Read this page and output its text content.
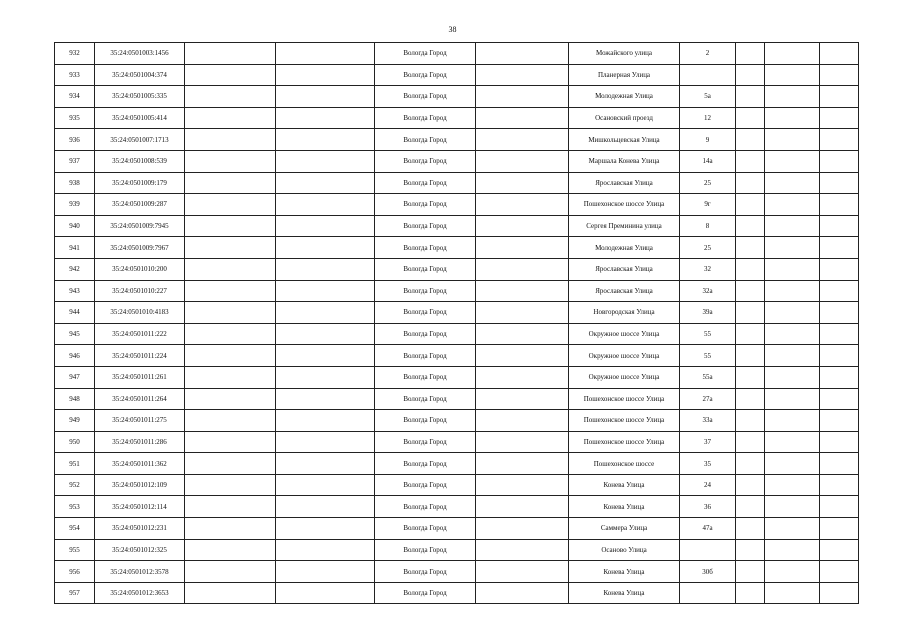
38
932	35:24:0501003:1456			Вологда Город		Можайского улица	2			
933	35:24:0501004:374			Вологда Город		Планерная Улица				
934	35:24:0501005:335			Вологда Город		Молодежная Улица	5а			
935	35:24:0501005:414			Вологда Город		Осановский проезд	12			
936	35:24:0501007:1713			Вологда Город		Мишкольцевская Улица	9			
937	35:24:0501008:539			Вологда Город		Маршала Конева Улица	14а			
938	35:24:0501009:179			Вологда Город		Ярославская Улица	25			
939	35:24:0501009:287			Вологда Город		Пошехонское шоссе Улица	9г			
940	35:24:0501009:7945			Вологда Город		Сергея Преминина улица	8			
941	35:24:0501009:7967			Вологда Город		Молодежная Улица	25			
942	35:24:0501010:200			Вологда Город		Ярославская Улица	32			
943	35:24:0501010:227			Вологда Город		Ярославская Улица	32а			
944	35:24:0501010:4183			Вологда Город		Новгородская Улица	39а			
945	35:24:0501011:222			Вологда Город		Окружное шоссе Улица	55			
946	35:24:0501011:224			Вологда Город		Окружное шоссе Улица	55			
947	35:24:0501011:261			Вологда Город		Окружное шоссе Улица	55а			
948	35:24:0501011:264			Вологда Город		Пошехонское шоссе Улица	27а			
949	35:24:0501011:275			Вологда Город		Пошехонское шоссе Улица	33а			
950	35:24:0501011:286			Вологда Город		Пошехонское шоссе Улица	37			
951	35:24:0501011:362			Вологда Город		Пошехонское шоссе	35			
952	35:24:0501012:109			Вологда Город		Конева Улица	24			
953	35:24:0501012:114			Вологда Город		Конева Улица	36			
954	35:24:0501012:231			Вологда Город		Саммера Улица	47а			
955	35:24:0501012:325			Вологда Город		Осаново Улица				
956	35:24:0501012:3578			Вологда Город		Конева Улица	30б			
957	35:24:0501012:3653			Вологда Город		Конева Улица				
